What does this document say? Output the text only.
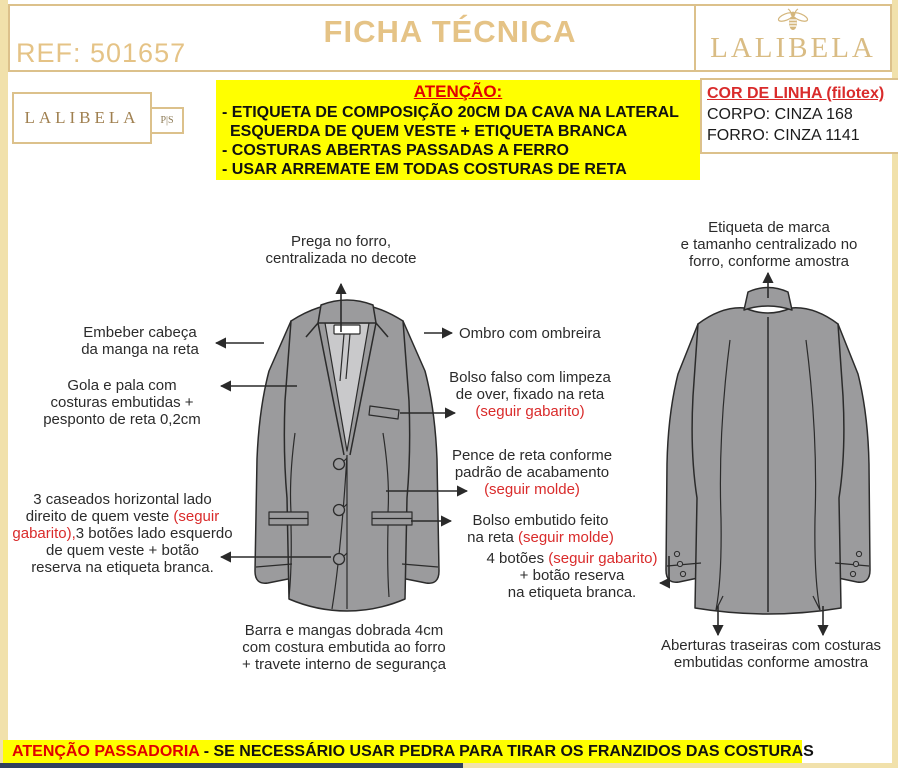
REF: 501657
FICHA TÉCNICA	LALIBELA
COR DE LINHA (filotex)
CORPO: CINZA 168
FORRO: CINZA 1141
LALIBELA	P|S
ATENÇÃO:
- ETIQUETA DE COMPOSIÇÃO 20CM DA CAVA NA LATERAL
ESQUERDA DE QUEM VESTE + ETIQUETA BRANCA
- COSTURAS ABERTAS PASSADAS A FERRO
- USAR ARREMATE EM TODAS COSTURAS DE RETA
Prega no forro,
centralizada no decote
Embeber cabeça
da manga na reta
Gola e pala com
costuras embutidas +
pesponto de reta 0,2cm
Ombro com ombreira
Bolso falso com limpeza
de over, fixado na reta
(seguir gabarito)
Pence de reta conforme
padrão de acabamento
(seguir molde)
Bolso embutido feito
na reta (seguir molde)
4 botões (seguir gabarito)
+ botão reserva
na etiqueta branca.
3 caseados horizontal lado
direito de quem veste (seguir
gabarito),3 botões lado esquerdo
de quem veste + botão
reserva na etiqueta branca.
Barra e mangas dobrada 4cm
com costura embutida ao forro
+ travete interno de segurança
Etiqueta de marca
e tamanho centralizado no
forro, conforme amostra
Aberturas traseiras com costuras
embutidas conforme amostra
ATENÇÃO PASSADORIA - SE NECESSÁRIO USAR PEDRA PARA TIRAR OS FRANZIDOS DAS COSTURAS
